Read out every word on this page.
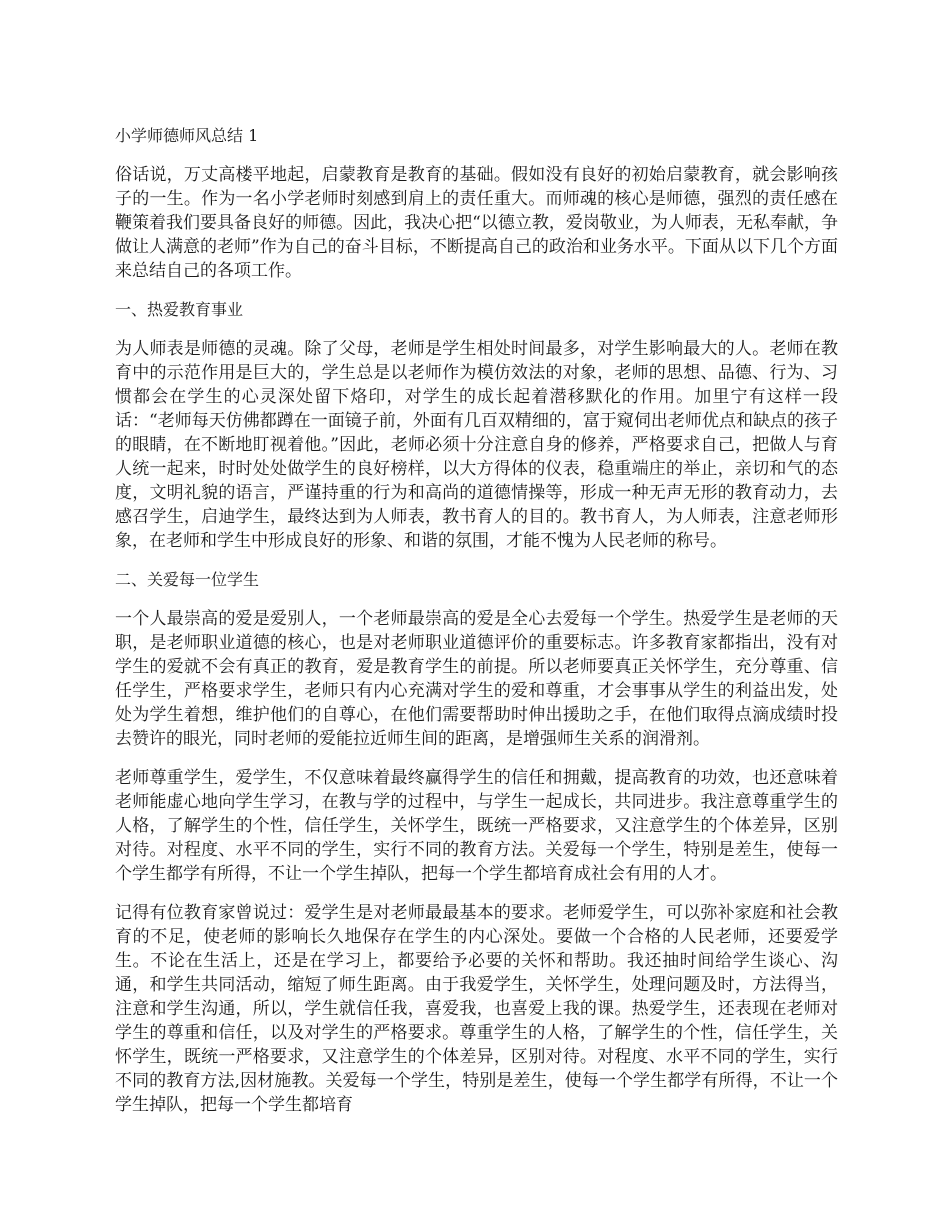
小学师德师风总结 1
俗话说，万丈高楼平地起，启蒙教育是教育的基础。假如没有良好的初始启蒙教育，就会影响孩子的一生。作为一名小学老师时刻感到肩上的责任重大。而师魂的核心是师德，强烈的责任感在鞭策着我们要具备良好的师德。因此，我决心把“以德立教，爱岗敬业，为人师表，无私奉献，争做让人满意的老师”作为自己的奋斗目标，不断提高自己的政治和业务水平。下面从以下几个方面来总结自己的各项工作。
一、热爱教育事业
为人师表是师德的灵魂。除了父母，老师是学生相处时间最多，对学生影响最大的人。老师在教育中的示范作用是巨大的，学生总是以老师作为模仿效法的对象，老师的思想、品德、行为、习惯都会在学生的心灵深处留下烙印，对学生的成长起着潜移默化的作用。加里宁有这样一段话：“老师每天仿佛都蹲在一面镜子前，外面有几百双精细的，富于窥伺出老师优点和缺点的孩子的眼睛，在不断地盯视着他。”因此，老师必须十分注意自身的修养，严格要求自己，把做人与育人统一起来，时时处处做学生的良好榜样，以大方得体的仪表，稳重端庄的举止，亲切和气的态度，文明礼貌的语言，严谨持重的行为和高尚的道德情操等，形成一种无声无形的教育动力，去感召学生，启迪学生，最终达到为人师表，教书育人的目的。教书育人，为人师表，注意老师形象，在老师和学生中形成良好的形象、和谐的氛围，才能不愧为人民老师的称号。
二、关爱每一位学生
一个人最崇高的爱是爱别人，一个老师最崇高的爱是全心去爱每一个学生。热爱学生是老师的天职，是老师职业道德的核心，也是对老师职业道德评价的重要标志。许多教育家都指出，没有对学生的爱就不会有真正的教育，爱是教育学生的前提。所以老师要真正关怀学生，充分尊重、信任学生，严格要求学生，老师只有内心充满对学生的爱和尊重，才会事事从学生的利益出发，处处为学生着想，维护他们的自尊心，在他们需要帮助时伸出援助之手，在他们取得点滴成绩时投去赞许的眼光，同时老师的爱能拉近师生间的距离，是增强师生关系的润滑剂。
老师尊重学生，爱学生，不仅意味着最终赢得学生的信任和拥戴，提高教育的功效，也还意味着老师能虚心地向学生学习，在教与学的过程中，与学生一起成长，共同进步。我注意尊重学生的人格，了解学生的个性，信任学生，关怀学生，既统一严格要求，又注意学生的个体差异，区别对待。对程度、水平不同的学生，实行不同的教育方法。关爱每一个学生，特别是差生，使每一个学生都学有所得，不让一个学生掉队，把每一个学生都培育成社会有用的人才。
记得有位教育家曾说过：爱学生是对老师最最基本的要求。老师爱学生，可以弥补家庭和社会教育的不足，使老师的影响长久地保存在学生的内心深处。要做一个合格的人民老师，还要爱学生。不论在生活上，还是在学习上，都要给予必要的关怀和帮助。我还抽时间给学生谈心、沟通，和学生共同活动，缩短了师生距离。由于我爱学生，关怀学生，处理问题及时，方法得当，注意和学生沟通，所以，学生就信任我，喜爱我，也喜爱上我的课。热爱学生，还表现在老师对学生的尊重和信任，以及对学生的严格要求。尊重学生的人格，了解学生的个性，信任学生，关怀学生，既统一严格要求，又注意学生的个体差异，区别对待。对程度、水平不同的学生，实行不同的教育方法,因材施教。关爱每一个学生，特别是差生，使每一个学生都学有所得，不让一个学生掉队，把每一个学生都培育
